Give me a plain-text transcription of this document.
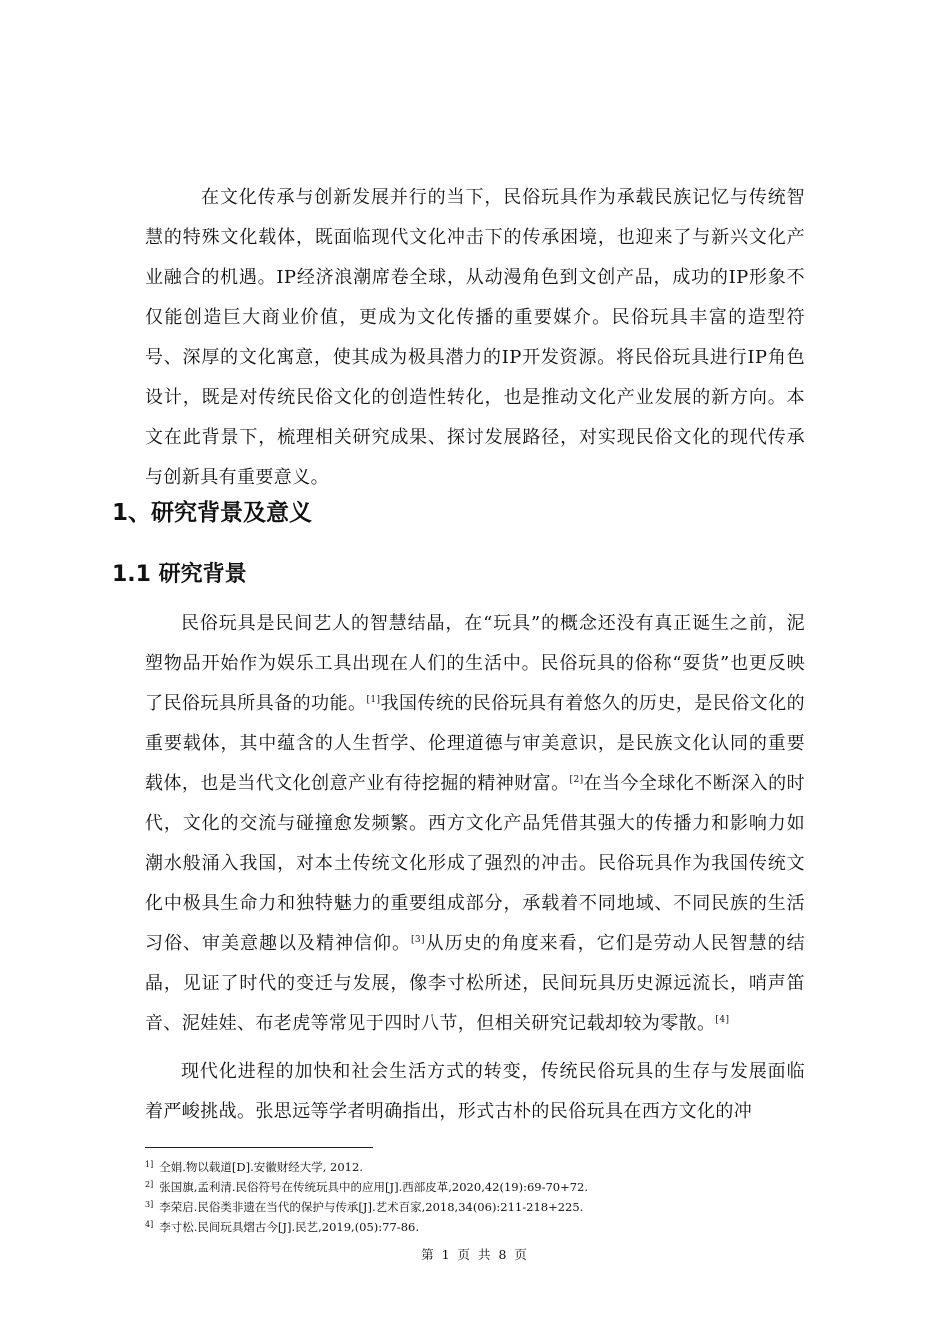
在文化传承与创新发展并行的当下，民俗玩具作为承载民族记忆与传统智慧的特殊文化载体，既面临现代文化冲击下的传承困境，也迎来了与新兴文化产业融合的机遇。IP经济浪潮席卷全球，从动漫角色到文创产品，成功的IP形象不仅能创造巨大商业价值，更成为文化传播的重要媒介。民俗玩具丰富的造型符号、深厚的文化寓意，使其成为极具潜力的IP开发资源。将民俗玩具进行IP角色设计，既是对传统民俗文化的创造性转化，也是推动文化产业发展的新方向。本文在此背景下，梳理相关研究成果、探讨发展路径，对实现民俗文化的现代传承与创新具有重要意义。

1、研究背景及意义
1.1 研究背景

民俗玩具是民间艺人的智慧结晶，在“玩具”的概念还没有真正诞生之前，泥塑物品开始作为娱乐工具出现在人们的生活中。民俗玩具的俗称“耍货”也更反映了民俗玩具所具备的功能。[1]我国传统的民俗玩具有着悠久的历史，是民俗文化的重要载体，其中蕴含的人生哲学、伦理道德与审美意识，是民族文化认同的重要载体，也是当代文化创意产业有待挖掘的精神财富。[2]在当今全球化不断深入的时代，文化的交流与碰撞愈发频繁。西方文化产品凭借其强大的传播力和影响力如潮水般涌入我国，对本土传统文化形成了强烈的冲击。民俗玩具作为我国传统文化中极具生命力和独特魅力的重要组成部分，承载着不同地域、不同民族的生活习俗、审美意趣以及精神信仰。[3]从历史的角度来看，它们是劳动人民智慧的结晶，见证了时代的变迁与发展，像李寸松所述，民间玩具历史源远流长，哨声笛音、泥娃娃、布老虎等常见于四时八节，但相关研究记载却较为零散。[4]

现代化进程的加快和社会生活方式的转变，传统民俗玩具的生存与发展面临着严峻挑战。张思远等学者明确指出，形式古朴的民俗玩具在西方文化的冲

$^{1]}$ 仝娟.物以载道[D].安徽财经大学, 2012.
$^{2]}$ 张国旗,孟利清.民俗符号在传统玩具中的应用[J].西部皮革,2020,42(19):69-70+72.
$^{3]}$ 李荣启.民俗类非遗在当代的保护与传承[J].艺术百家,2018,34(06):211-218+225.
$^{4]}$ 李寸松.民间玩具熠古今[J].民艺,2019,(05):77-86.
第 1 页 共 8 页
